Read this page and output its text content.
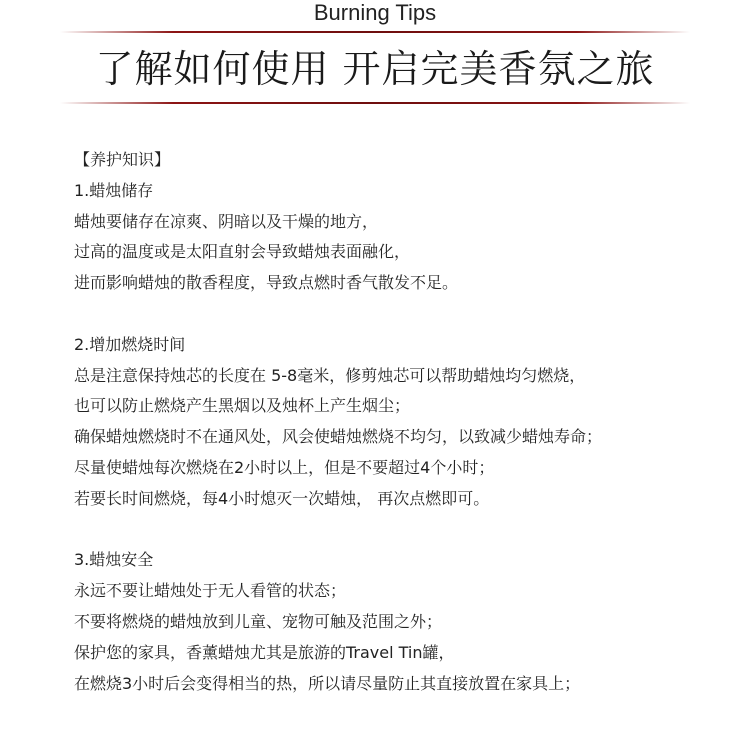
Burning Tips
了解如何使用 开启完美香氛之旅
【养护知识】
1.蜡烛储存
蜡烛要储存在凉爽、阴暗以及干燥的地方，
过高的温度或是太阳直射会导致蜡烛表面融化，
进而影响蜡烛的散香程度，导致点燃时香气散发不足。
2.增加燃烧时间
总是注意保持烛芯的长度在 5-8毫米，修剪烛芯可以帮助蜡烛均匀燃烧，
也可以防止燃烧产生黑烟以及烛杯上产生烟尘；
确保蜡烛燃烧时不在通风处，风会使蜡烛燃烧不均匀，以致减少蜡烛寿命；
尽量使蜡烛每次燃烧在2小时以上，但是不要超过4个小时；
若要长时间燃烧，每4小时熄灭一次蜡烛， 再次点燃即可。
3.蜡烛安全
永远不要让蜡烛处于无人看管的状态；
不要将燃烧的蜡烛放到儿童、宠物可触及范围之外；
保护您的家具，香薰蜡烛尤其是旅游的Travel Tin罐，
在燃烧3小时后会变得相当的热，所以请尽量防止其直接放置在家具上；
